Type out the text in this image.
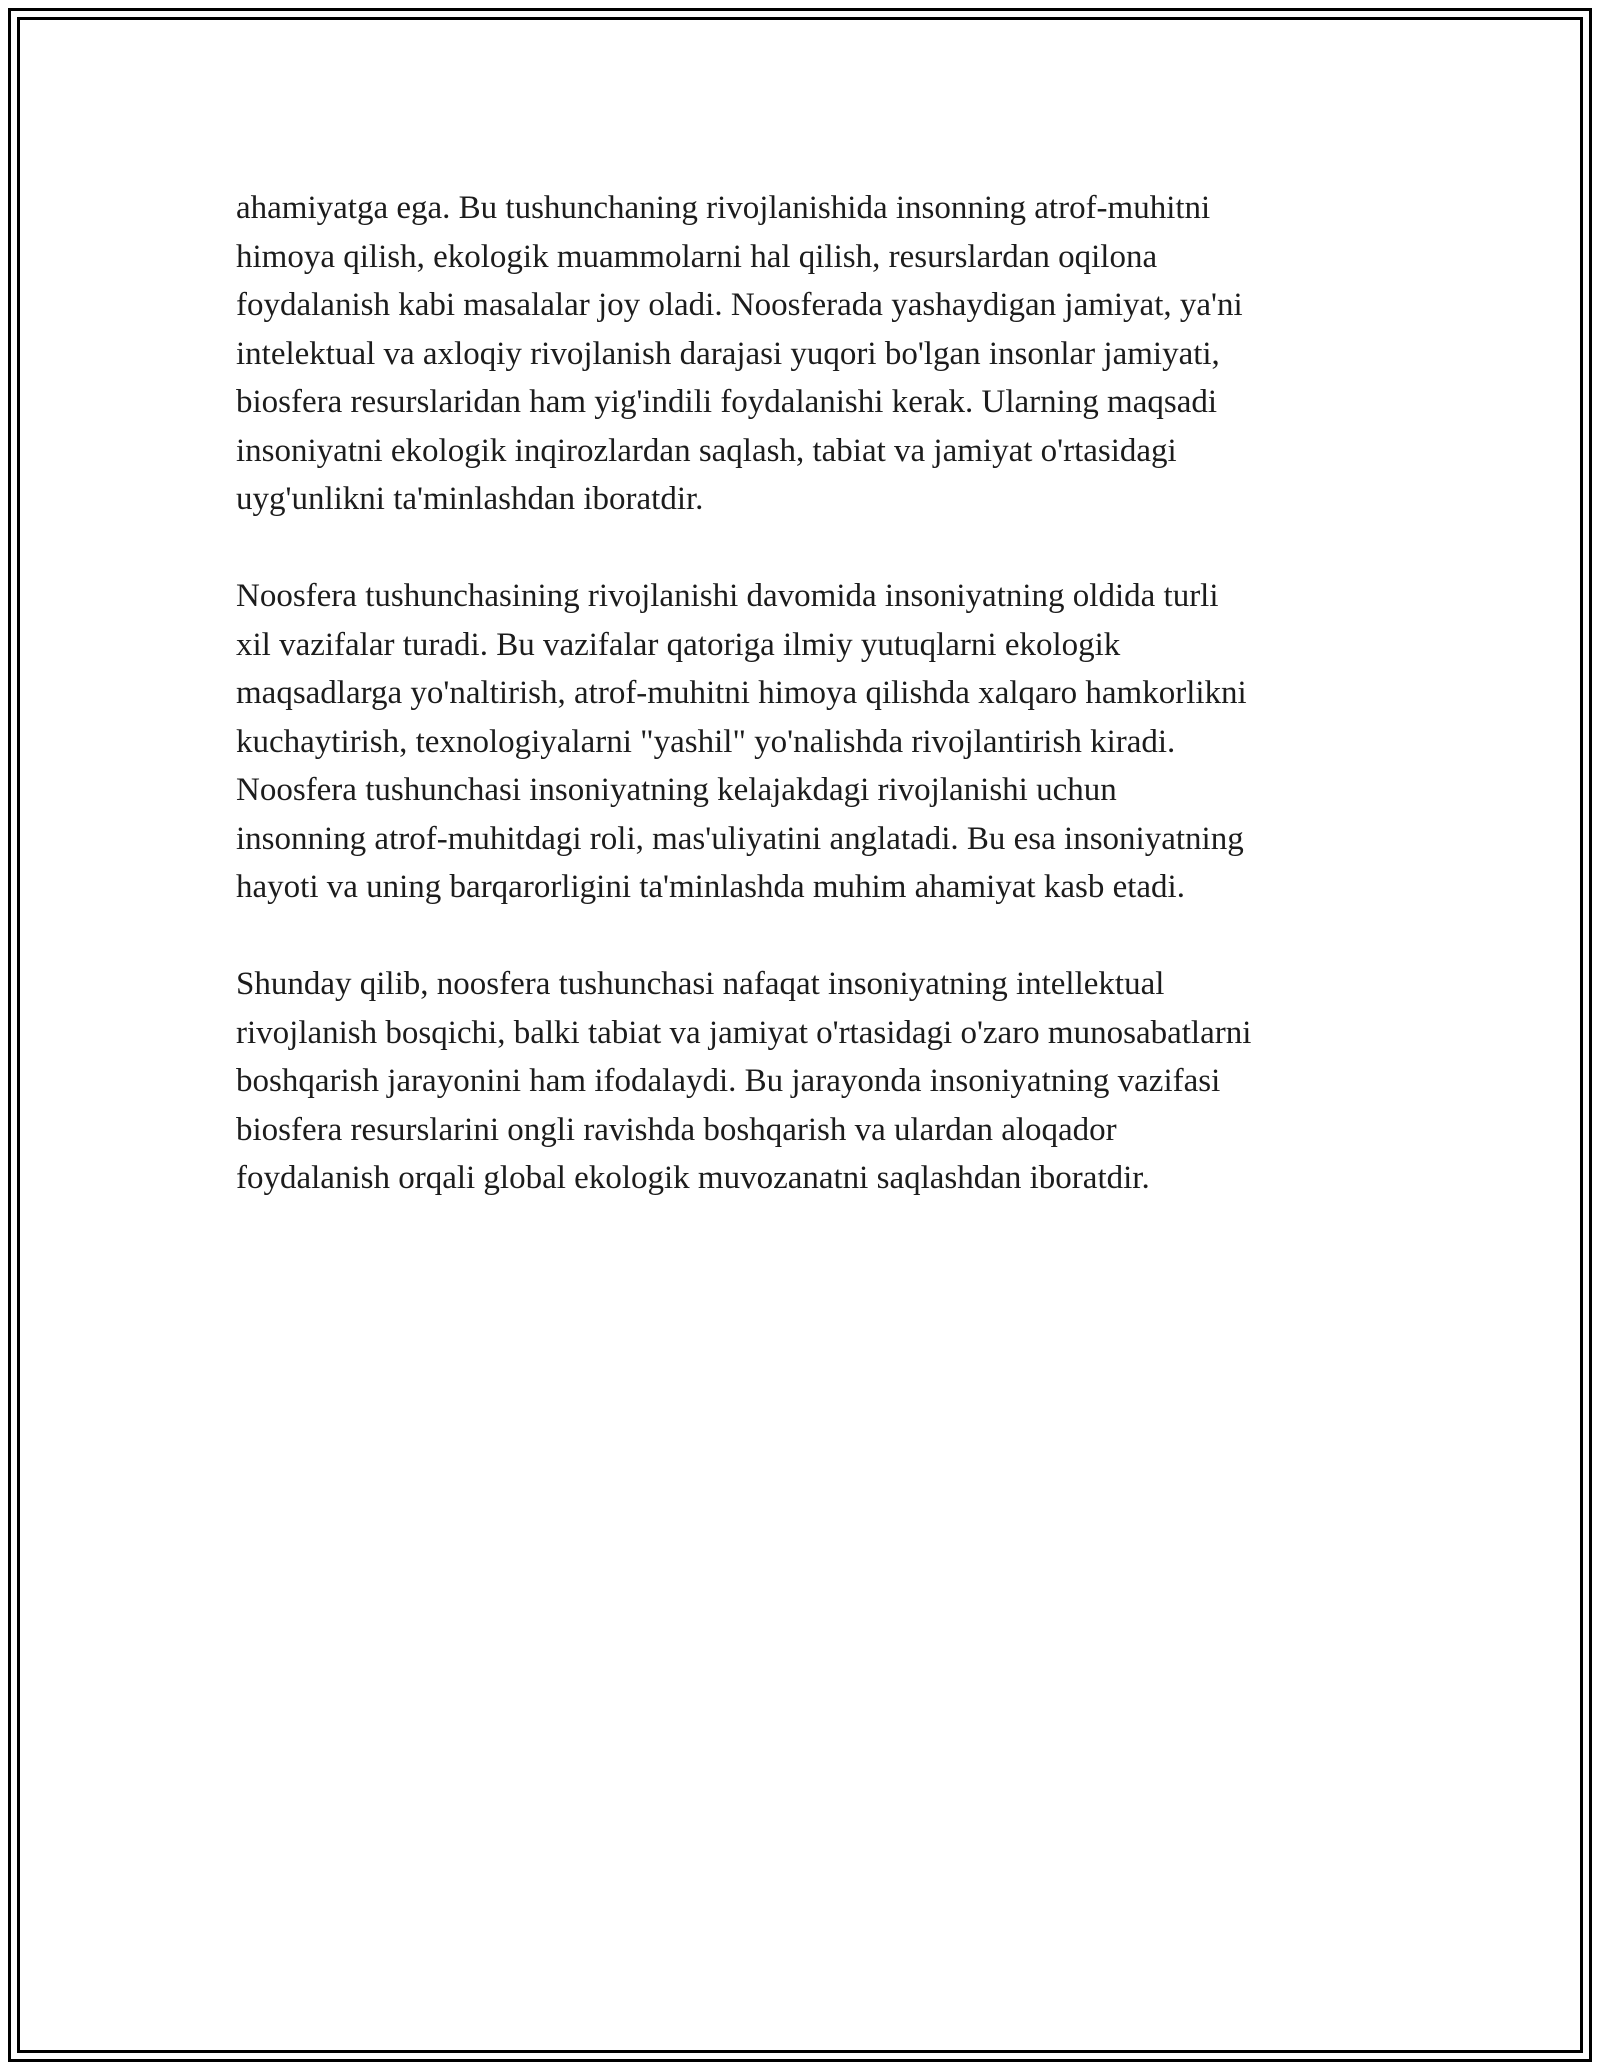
ahamiyatga ega. Bu tushunchaning rivojlanishida insonning atrof-muhitni
himoya qilish, ekologik muammolarni hal qilish, resurslardan oqilona
foydalanish kabi masalalar joy oladi. Noosferada yashaydigan jamiyat, ya'ni
intelektual va axloqiy rivojlanish darajasi yuqori bo'lgan insonlar jamiyati,
biosfera resurslaridan ham yig'indili foydalanishi kerak. Ularning maqsadi
insoniyatni ekologik inqirozlardan saqlash, tabiat va jamiyat o'rtasidagi
uyg'unlikni ta'minlashdan iboratdir.
Noosfera tushunchasining rivojlanishi davomida insoniyatning oldida turli
xil vazifalar turadi. Bu vazifalar qatoriga ilmiy yutuqlarni ekologik
maqsadlarga yo'naltirish, atrof-muhitni himoya qilishda xalqaro hamkorlikni
kuchaytirish, texnologiyalarni "yashil" yo'nalishda rivojlantirish kiradi.
Noosfera tushunchasi insoniyatning kelajakdagi rivojlanishi uchun
insonning atrof-muhitdagi roli, mas'uliyatini anglatadi. Bu esa insoniyatning
hayoti va uning barqarorligini ta'minlashda muhim ahamiyat kasb etadi.
Shunday qilib, noosfera tushunchasi nafaqat insoniyatning intellektual
rivojlanish bosqichi, balki tabiat va jamiyat o'rtasidagi o'zaro munosabatlarni
boshqarish jarayonini ham ifodalaydi. Bu jarayonda insoniyatning vazifasi
biosfera resurslarini ongli ravishda boshqarish va ulardan aloqador
foydalanish orqali global ekologik muvozanatni saqlashdan iboratdir.
